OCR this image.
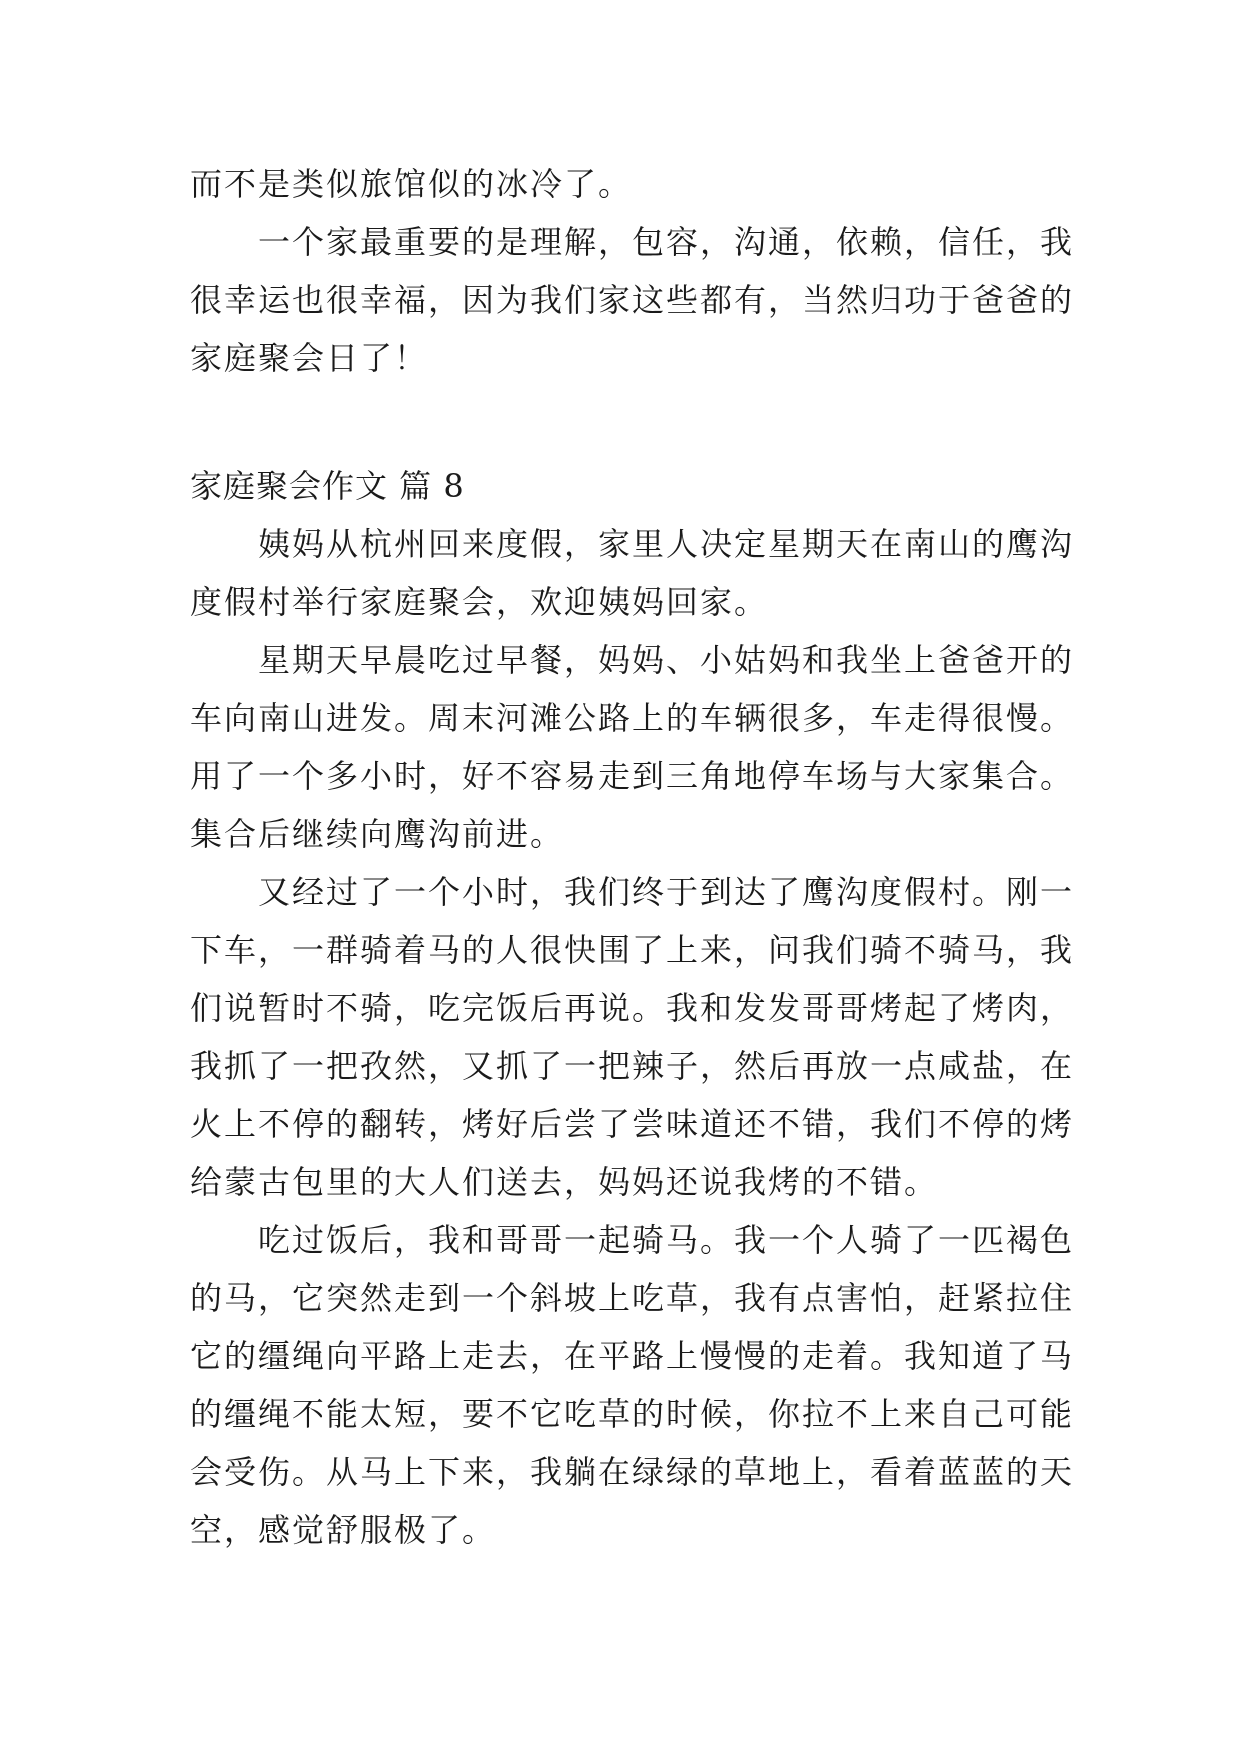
而不是类似旅馆似的冰冷了。
一个家最重要的是理解，包容，沟通，依赖，信任，我
很幸运也很幸福，因为我们家这些都有，当然归功于爸爸的
家庭聚会日了！
家庭聚会作文 篇 8
姨妈从杭州回来度假，家里人决定星期天在南山的鹰沟
度假村举行家庭聚会，欢迎姨妈回家。
星期天早晨吃过早餐，妈妈、小姑妈和我坐上爸爸开的
车向南山进发。周末河滩公路上的车辆很多，车走得很慢。
用了一个多小时，好不容易走到三角地停车场与大家集合。
集合后继续向鹰沟前进。
又经过了一个小时，我们终于到达了鹰沟度假村。刚一
下车，一群骑着马的人很快围了上来，问我们骑不骑马，我
们说暂时不骑，吃完饭后再说。我和发发哥哥烤起了烤肉，
我抓了一把孜然，又抓了一把辣子，然后再放一点咸盐，在
火上不停的翻转，烤好后尝了尝味道还不错，我们不停的烤
给蒙古包里的大人们送去，妈妈还说我烤的不错。
吃过饭后，我和哥哥一起骑马。我一个人骑了一匹褐色
的马，它突然走到一个斜坡上吃草，我有点害怕，赶紧拉住
它的缰绳向平路上走去，在平路上慢慢的走着。我知道了马
的缰绳不能太短，要不它吃草的时候，你拉不上来自己可能
会受伤。从马上下来，我躺在绿绿的草地上，看着蓝蓝的天
空，感觉舒服极了。
